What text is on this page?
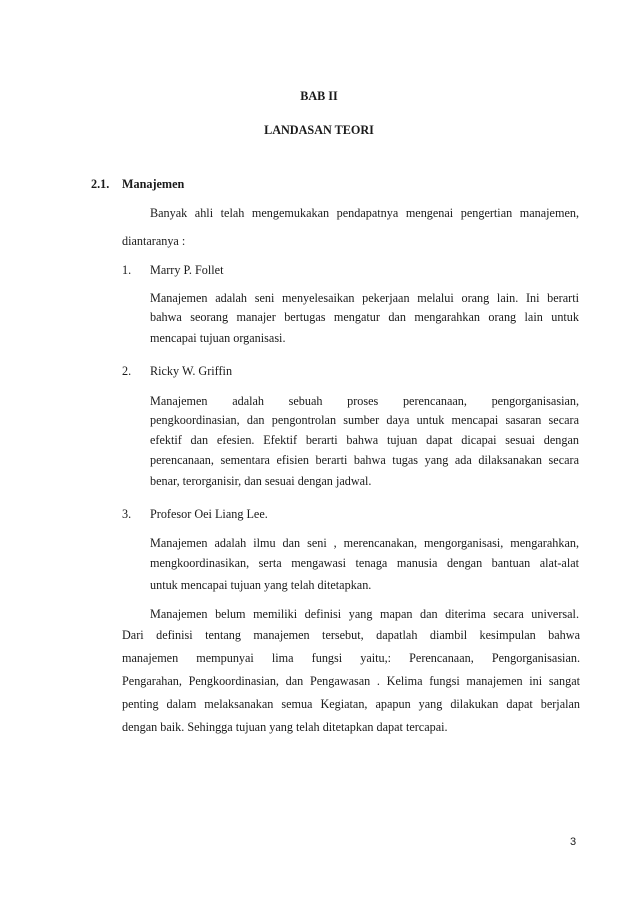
BAB II
LANDASAN TEORI
2.1. Manajemen
Banyak ahli telah mengemukakan pendapatnya mengenai pengertian manajemen,
diantaranya :
1. Marry P. Follet
Manajemen adalah seni menyelesaikan pekerjaan melalui orang lain. Ini berarti
bahwa seorang manajer bertugas mengatur dan mengarahkan orang lain untuk
mencapai tujuan organisasi.
2. Ricky W. Griffin
Manajemen adalah sebuah proses perencanaan, pengorganisasian,
pengkoordinasian, dan pengontrolan sumber daya untuk mencapai sasaran secara
efektif dan efesien. Efektif berarti bahwa tujuan dapat dicapai sesuai dengan
perencanaan, sementara efisien berarti bahwa tugas yang ada dilaksanakan secara
benar, terorganisir, dan sesuai dengan jadwal.
3. Profesor Oei Liang Lee.
Manajemen adalah ilmu dan seni , merencanakan, mengorganisasi, mengarahkan,
mengkoordinasikan, serta mengawasi tenaga manusia dengan bantuan alat-alat
untuk mencapai tujuan yang telah ditetapkan.
Manajemen belum memiliki definisi yang mapan dan diterima secara universal.
Dari definisi tentang manajemen tersebut, dapatlah diambil kesimpulan bahwa
manajemen mempunyai lima fungsi yaitu,: Perencanaan, Pengorganisasian.
Pengarahan, Pengkoordinasian, dan Pengawasan . Kelima fungsi manajemen ini sangat
penting dalam melaksanakan semua Kegiatan, apapun yang dilakukan dapat berjalan
dengan baik. Sehingga tujuan yang telah ditetapkan dapat tercapai.
3
